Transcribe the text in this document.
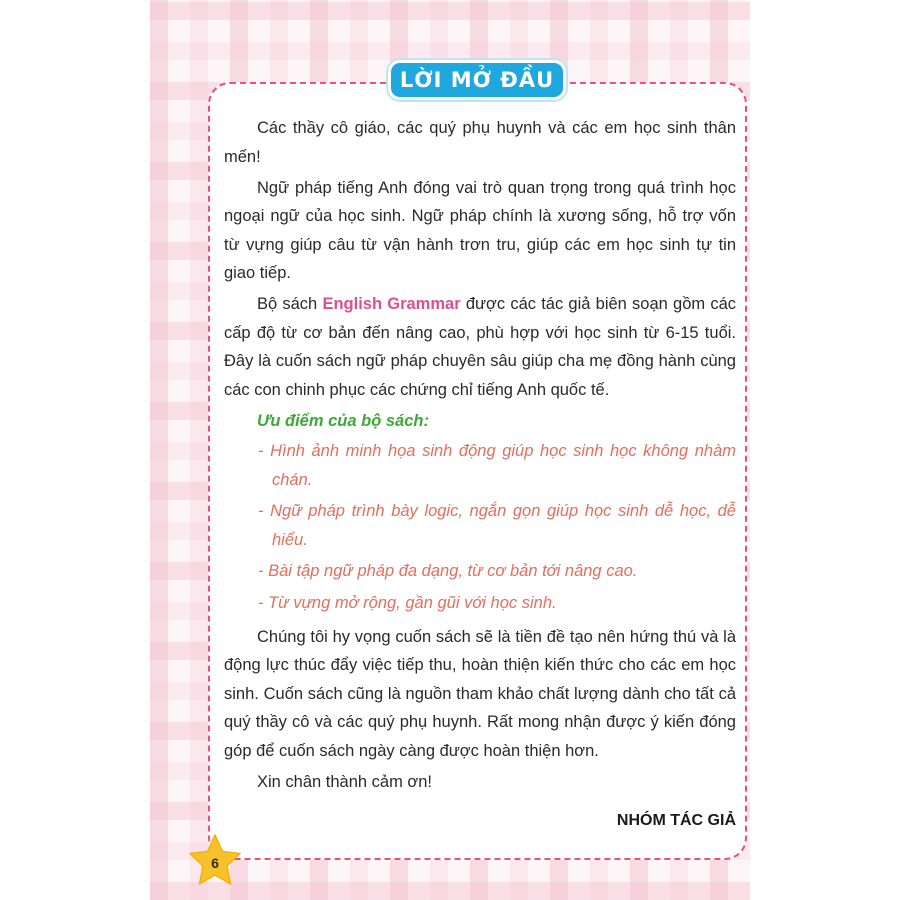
LỜI MỞ ĐẦU

Các thầy cô giáo, các quý phụ huynh và các em học sinh thân mến!

Ngữ pháp tiếng Anh đóng vai trò quan trọng trong quá trình học ngoại ngữ của học sinh. Ngữ pháp chính là xương sống, hỗ trợ vốn từ vựng giúp câu từ vận hành trơn tru, giúp các em học sinh tự tin giao tiếp.

Bộ sách English Grammar được các tác giả biên soạn gồm các cấp độ từ cơ bản đến nâng cao, phù hợp với học sinh từ 6-15 tuổi. Đây là cuốn sách ngữ pháp chuyên sâu giúp cha mẹ đồng hành cùng các con chinh phục các chứng chỉ tiếng Anh quốc tế.

Ưu điểm của bộ sách:
- Hình ảnh minh họa sinh động giúp học sinh học không nhàm chán.
- Ngữ pháp trình bày logic, ngắn gọn giúp học sinh dễ học, dễ hiểu.
- Bài tập ngữ pháp đa dạng, từ cơ bản tới nâng cao.
- Từ vựng mở rộng, gần gũi với học sinh.

Chúng tôi hy vọng cuốn sách sẽ là tiền đề tạo nên hứng thú và là động lực thúc đẩy việc tiếp thu, hoàn thiện kiến thức cho các em học sinh. Cuốn sách cũng là nguồn tham khảo chất lượng dành cho tất cả quý thầy cô và các quý phụ huynh. Rất mong nhận được ý kiến đóng góp để cuốn sách ngày càng được hoàn thiện hơn.

Xin chân thành cảm ơn!

NHÓM TÁC GIẢ
6
